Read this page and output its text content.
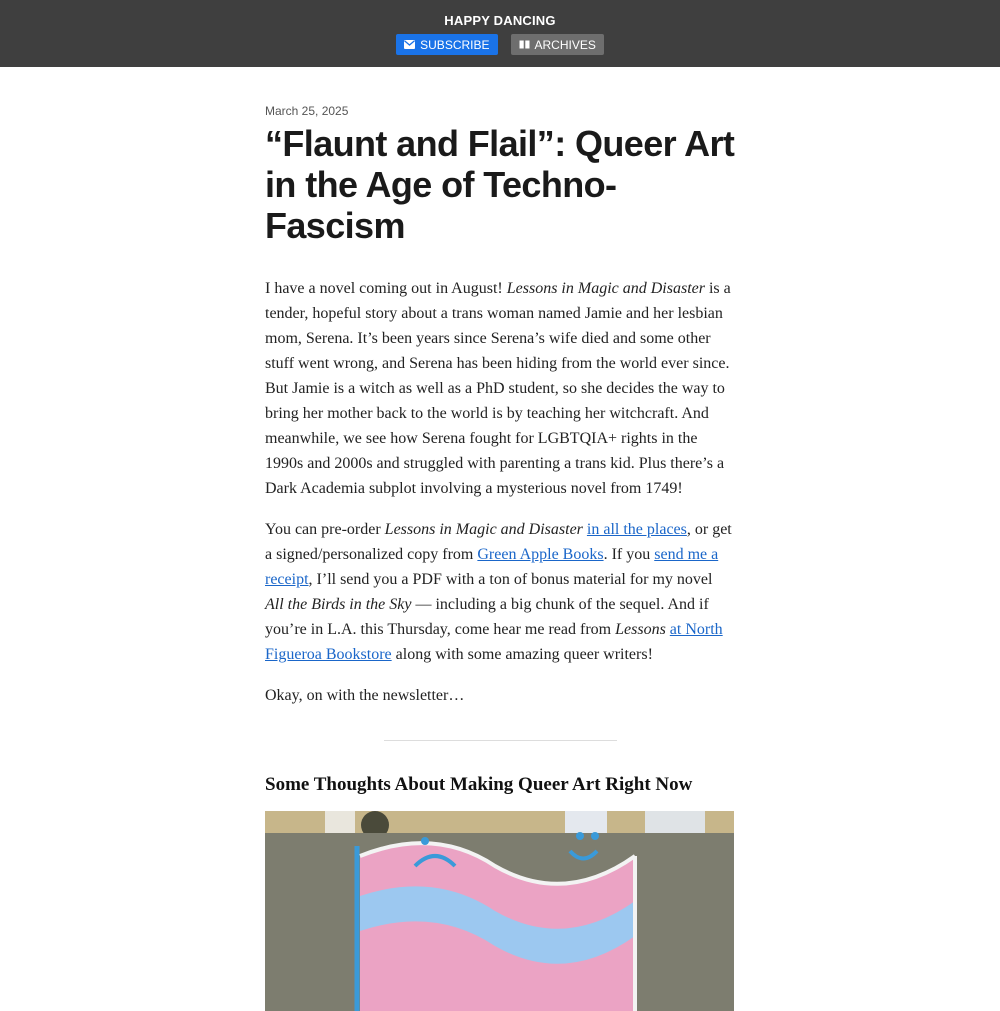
HAPPY DANCING
SUBSCRIBE	ARCHIVES
March 25, 2025
“Flaunt and Flail”: Queer Art in the Age of Techno-Fascism

I have a novel coming out in August! Lessons in Magic and Disaster is a tender, hopeful story about a trans woman named Jamie and her lesbian mom, Serena. It’s been years since Serena’s wife died and some other stuff went wrong, and Serena has been hiding from the world ever since. But Jamie is a witch as well as a PhD student, so she decides the way to bring her mother back to the world is by teaching her witchcraft. And meanwhile, we see how Serena fought for LGBTQIA+ rights in the 1990s and 2000s and struggled with parenting a trans kid. Plus there’s a Dark Academia subplot involving a mysterious novel from 1749!

You can pre-order Lessons in Magic and Disaster in all the places, or get a signed/personalized copy from Green Apple Books. If you send me a receipt, I’ll send you a PDF with a ton of bonus material for my novel All the Birds in the Sky — including a big chunk of the sequel. And if you’re in L.A. this Thursday, come hear me read from Lessons at North Figueroa Bookstore along with some amazing queer writers!

Okay, on with the newsletter…

Some Thoughts About Making Queer Art Right Now
